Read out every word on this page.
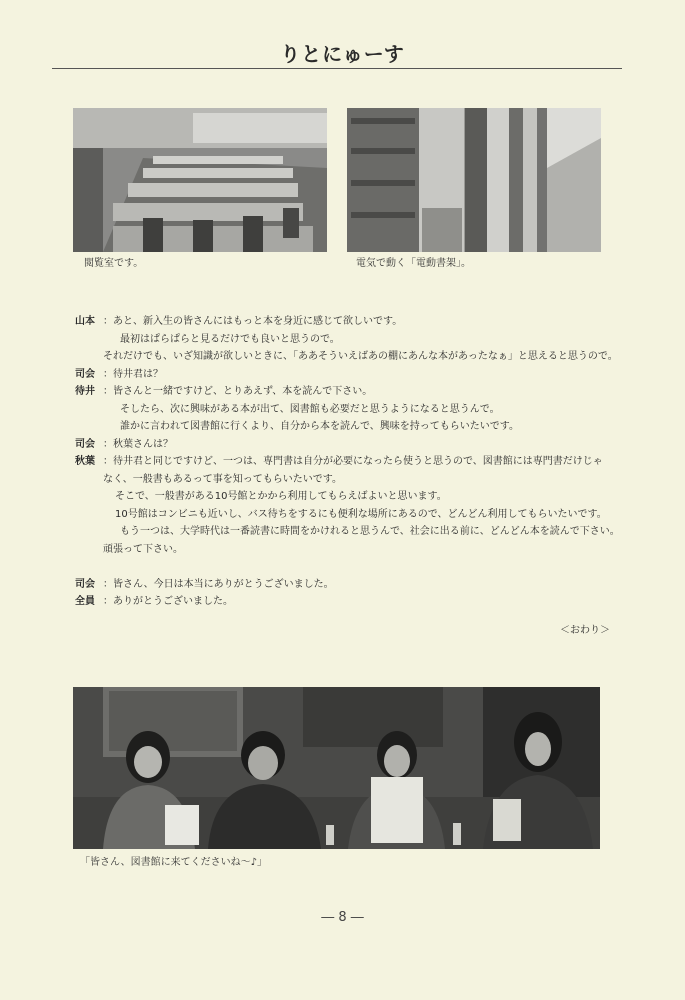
りとにゅーす
閲覧室です。	電気で動く「電動書架」。
山本 ：あと、新入生の皆さんにはもっと本を身近に感じて欲しいです。
最初はぱらぱらと見るだけでも良いと思うので。
それだけでも、いざ知識が欲しいときに、「ああそういえばあの棚にあんな本があったなぁ」と思えると思うので。
司会 ：待井君は？
待井 ：皆さんと一緒ですけど、とりあえず、本を読んで下さい。
そしたら、次に興味がある本が出て、図書館も必要だと思うようになると思うんで。
誰かに言われて図書館に行くより、自分から本を読んで、興味を持ってもらいたいです。
司会 ：秋葉さんは？
秋葉 ：待井君と同じですけど、一つは、専門書は自分が必要になったら使うと思うので、図書館には専門書だけじゃ
なく、一般書もあるって事を知ってもらいたいです。
そこで、一般書がある10号館とかから利用してもらえばよいと思います。
10号館はコンビニも近いし、バス待ちをするにも便利な場所にあるので、どんどん利用してもらいたいです。
もう一つは、大学時代は一番読書に時間をかけれると思うんで、社会に出る前に、どんどん本を読んで下さい。
頑張って下さい。
司会 ：皆さん、今日は本当にありがとうございました。
全員 ：ありがとうございました。
＜おわり＞
「皆さん、図書館に来てくださいね～♪」
― 8 ―
